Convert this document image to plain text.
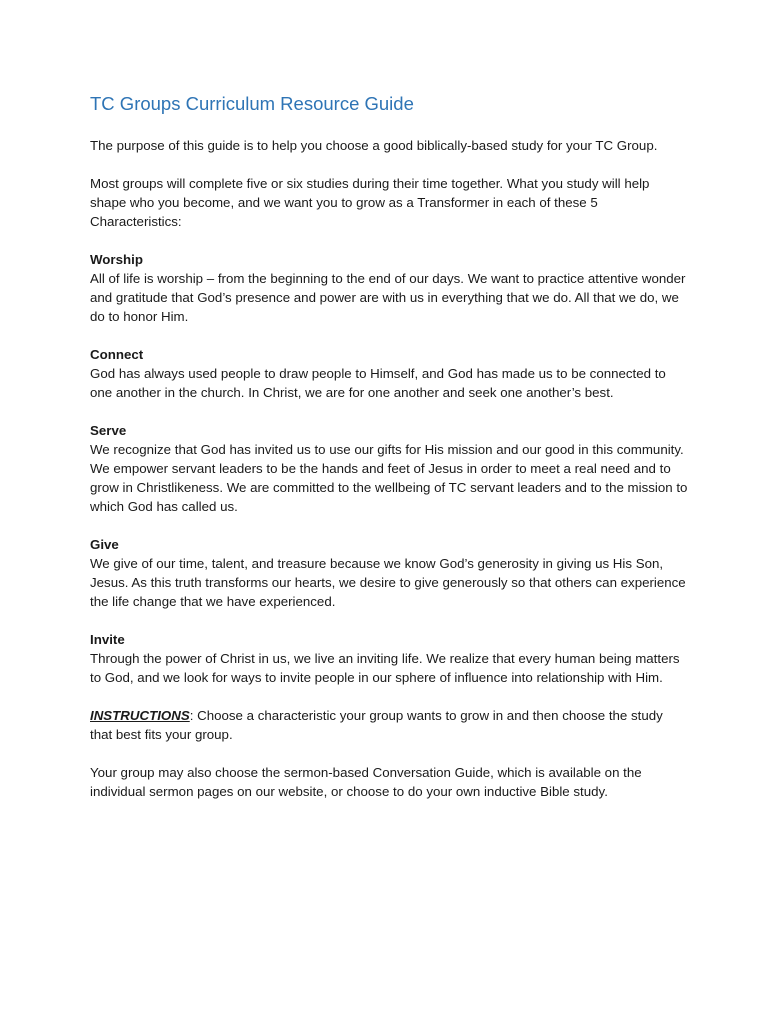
TC Groups Curriculum Resource Guide

The purpose of this guide is to help you choose a good biblically-based study for your TC Group.

Most groups will complete five or six studies during their time together. What you study will help shape who you become, and we want you to grow as a Transformer in each of these 5 Characteristics:

Worship
All of life is worship – from the beginning to the end of our days. We want to practice attentive wonder and gratitude that God’s presence and power are with us in everything that we do. All that we do, we do to honor Him.
Connect
God has always used people to draw people to Himself, and God has made us to be connected to one another in the church. In Christ, we are for one another and seek one another’s best.
Serve
We recognize that God has invited us to use our gifts for His mission and our good in this community. We empower servant leaders to be the hands and feet of Jesus in order to meet a real need and to grow in Christlikeness. We are committed to the wellbeing of TC servant leaders and to the mission to which God has called us.
Give
We give of our time, talent, and treasure because we know God’s generosity in giving us His Son, Jesus. As this truth transforms our hearts, we desire to give generously so that others can experience the life change that we have experienced.
Invite
Through the power of Christ in us, we live an inviting life. We realize that every human being matters to God, and we look for ways to invite people in our sphere of influence into relationship with Him.

INSTRUCTIONS: Choose a characteristic your group wants to grow in and then choose the study that best fits your group.

Your group may also choose the sermon-based Conversation Guide, which is available on the individual sermon pages on our website, or choose to do your own inductive Bible study.
